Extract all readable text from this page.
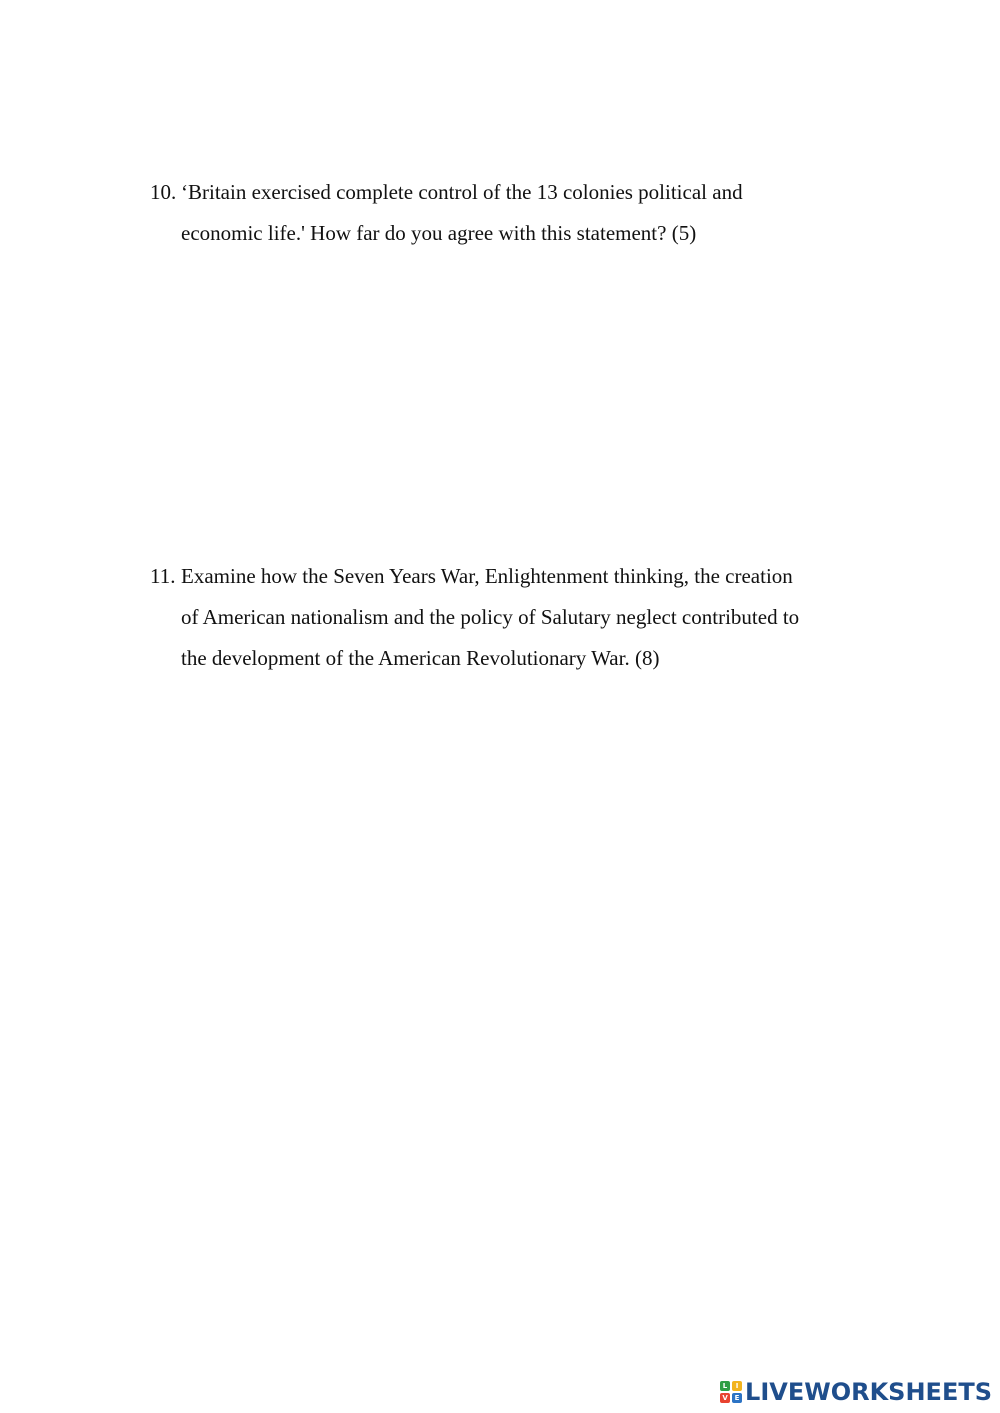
10. ‘Britain exercised complete control of the 13 colonies political and
economic life.' How far do you agree with this statement? (5)
11. Examine how the Seven Years War, Enlightenment thinking, the creation
of American nationalism and the policy of Salutary neglect contributed to
the development of the American Revolutionary War. (8)
L	I
V E LIVEWORKSHEETS
